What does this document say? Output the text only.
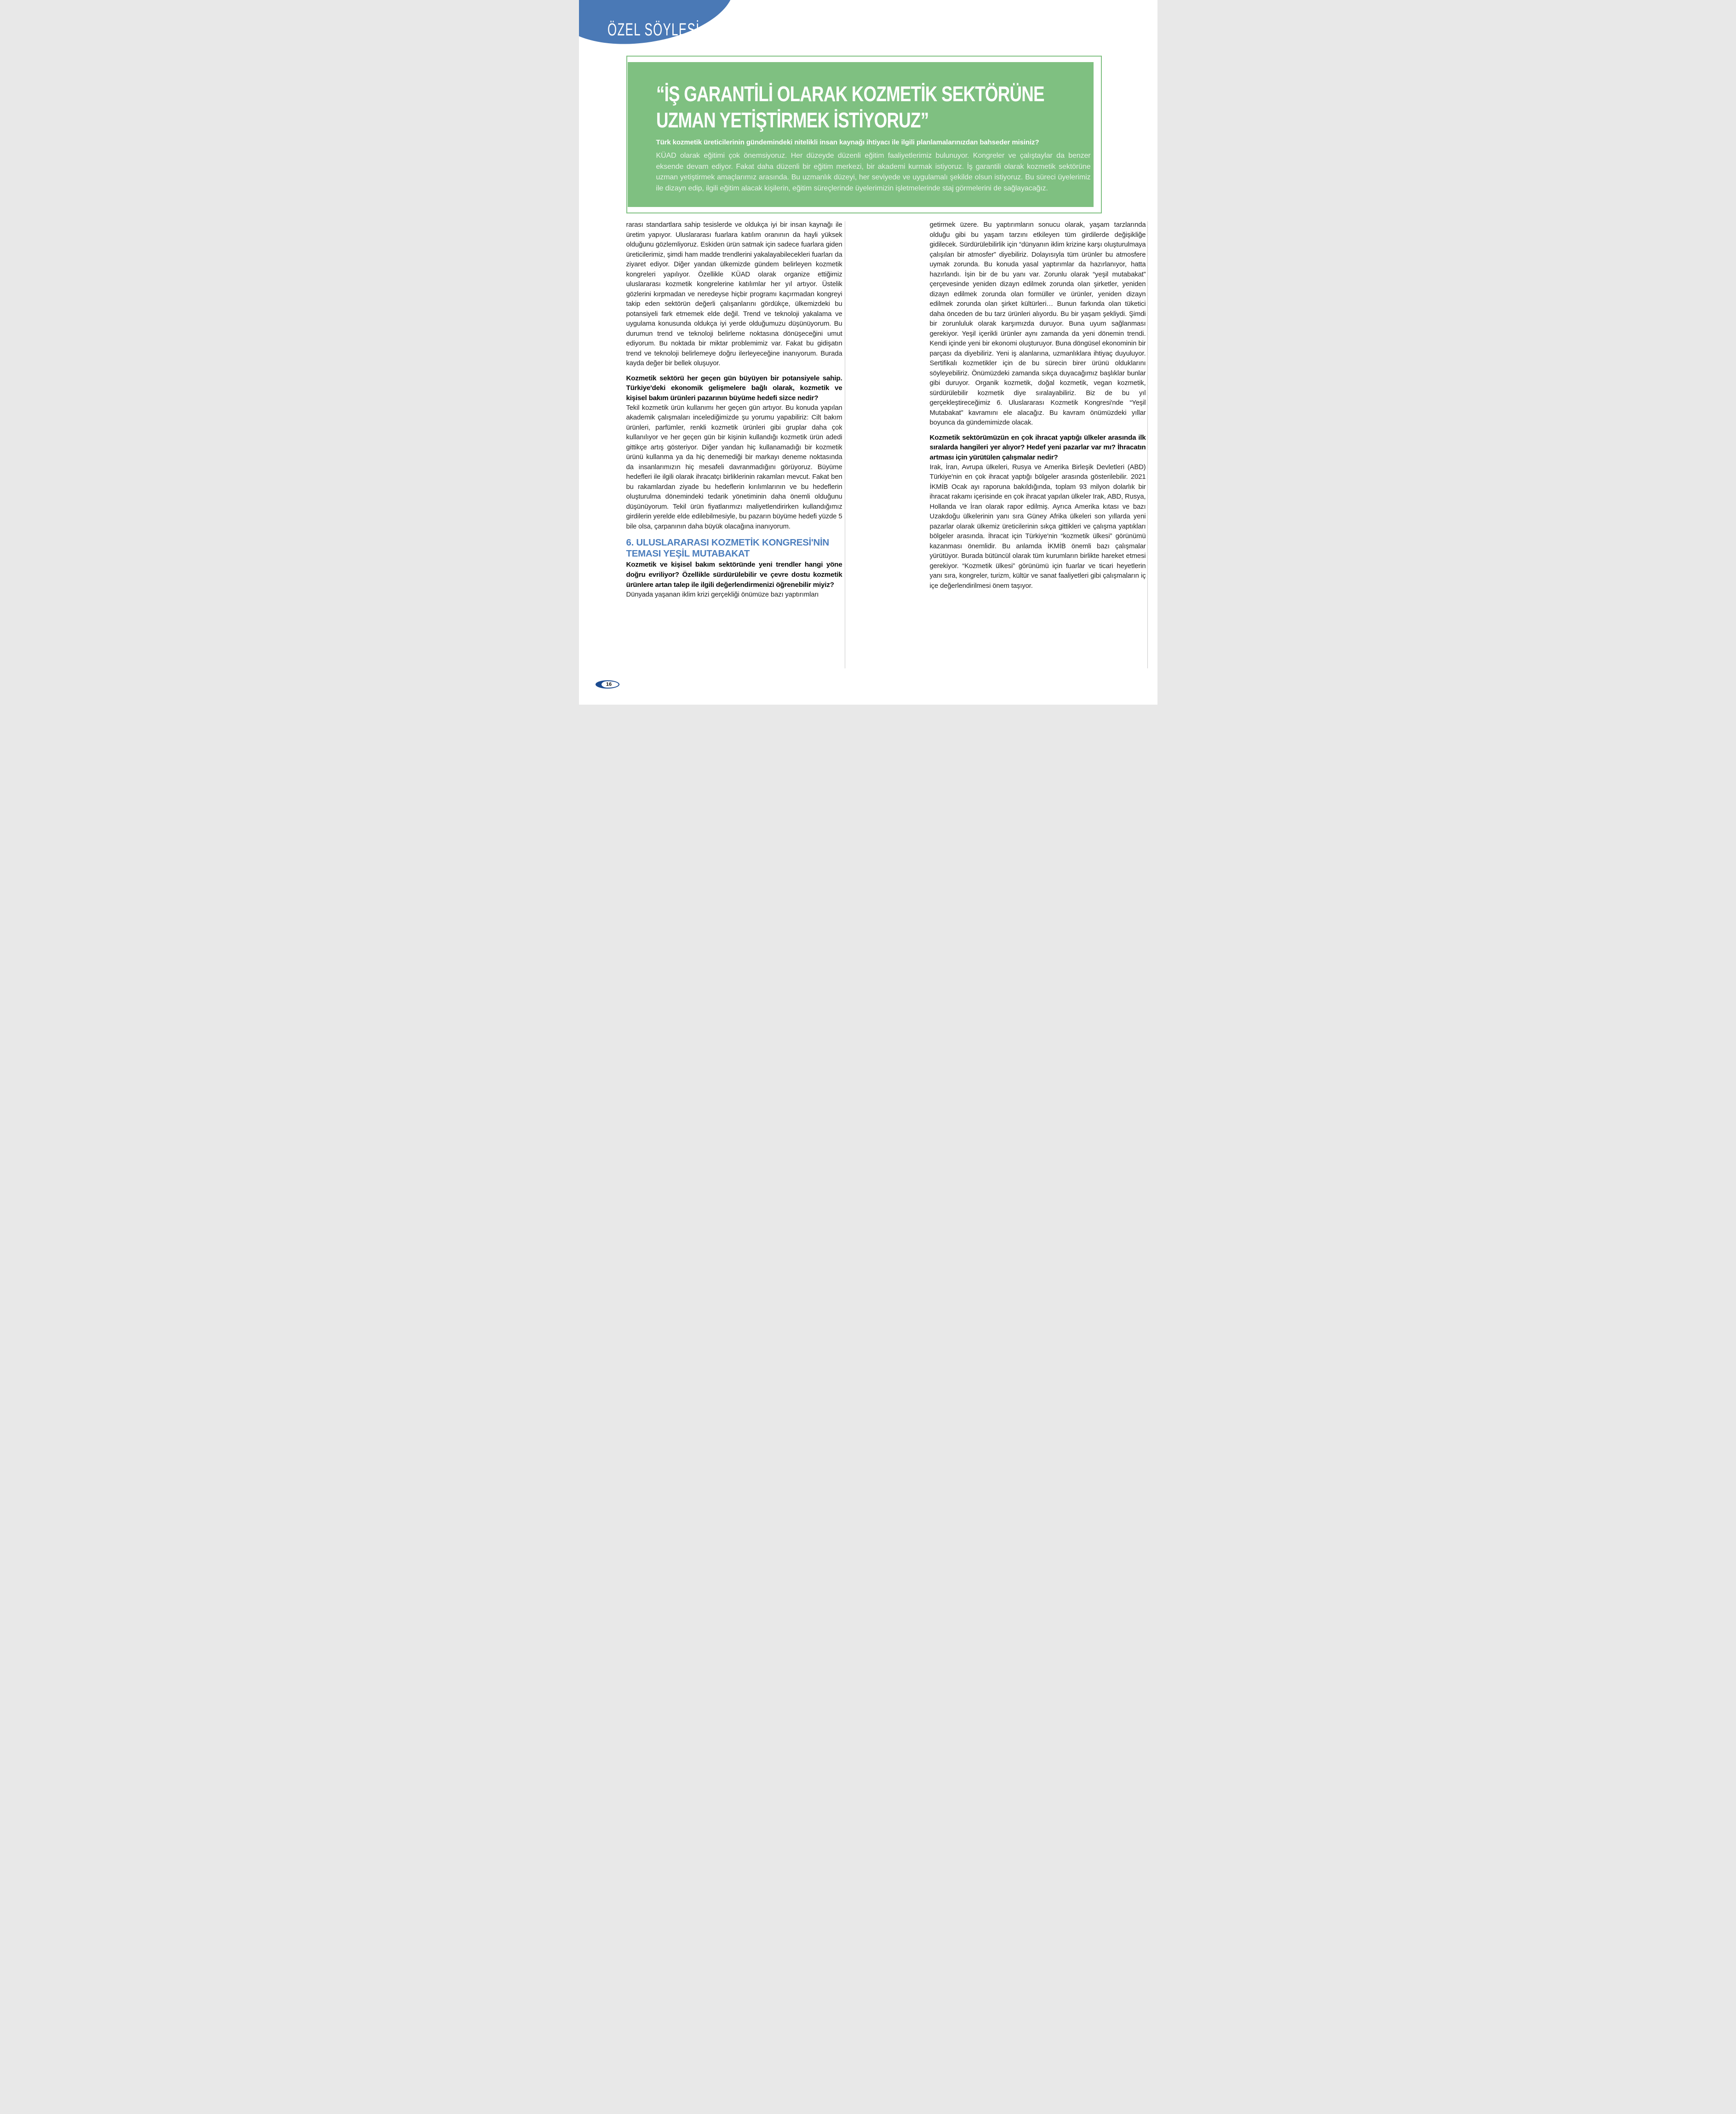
ÖZEL SÖYLEŞİ
“İŞ GARANTİLİ OLARAK KOZMETİK SEKTÖRÜNE
UZMAN YETİŞTİRMEK İSTİYORUZ”
Türk kozmetik üreticilerinin gündemindeki nitelikli insan kaynağı ihtiyacı ile ilgili planlamalarınızdan bahseder misiniz?
KÜAD olarak eğitimi çok önemsiyoruz. Her düzeyde düzenli eğitim faaliyetlerimiz bulunuyor. Kongreler ve çalıştaylar da benzer eksende devam ediyor. Fakat daha düzenli bir eğitim merkezi, bir akademi kurmak istiyoruz. İş garantili olarak kozmetik sektörüne uzman yetiştirmek amaçlarımız arasında. Bu uzmanlık düzeyi, her seviyede ve uygulamalı şekilde olsun istiyoruz. Bu süreci üyelerimiz ile dizayn edip, ilgili eğitim alacak kişilerin, eğitim süreçlerinde üyelerimizin işletmelerinde staj görmelerini de sağlayacağız.

rarası standartlara sahip tesislerde ve oldukça iyi bir insan kaynağı ile üretim yapıyor. Uluslararası fuarlara katılım oranının da hayli yüksek olduğunu gözlemliyoruz. Eskiden ürün satmak için sadece fuarlara giden üreticilerimiz, şimdi ham madde trendlerini yakalayabilecekleri fuarları da ziyaret ediyor. Diğer yandan ülkemizde gündem belirleyen kozmetik kongreleri yapılıyor. Özellikle KÜAD olarak organize ettiğimiz uluslararası kozmetik kongrelerine katılımlar her yıl artıyor. Üstelik gözlerini kırpmadan ve neredeyse hiçbir programı kaçırmadan kongreyi takip eden sektörün değerli çalışanlarını gördükçe, ülkemizdeki bu potansiyeli fark etmemek elde değil. Trend ve teknoloji yakalama ve uygulama konusunda oldukça iyi yerde olduğumuzu düşünüyorum. Bu durumun trend ve teknoloji belirleme noktasına dönüşeceğini umut ediyorum. Bu noktada bir miktar problemimiz var. Fakat bu gidişatın trend ve teknoloji belirlemeye doğru ilerleyeceğine inanıyorum. Burada kayda değer bir bellek oluşuyor.

Kozmetik sektörü her geçen gün büyüyen bir potansiyele sahip. Türkiye'deki ekonomik gelişmelere bağlı olarak, kozmetik ve kişisel bakım ürünleri pazarının büyüme hedefi sizce nedir?

Tekil kozmetik ürün kullanımı her geçen gün artıyor. Bu konuda yapılan akademik çalışmaları incelediğimizde şu yorumu yapabiliriz: Cilt bakım ürünleri, parfümler, renkli kozmetik ürünleri gibi gruplar daha çok kullanılıyor ve her geçen gün bir kişinin kullandığı kozmetik ürün adedi gittikçe artış gösteriyor. Diğer yandan hiç kullanamadığı bir kozmetik ürünü kullanma ya da hiç denemediği bir markayı deneme noktasında da insanlarımızın hiç mesafeli davranmadığını görüyoruz. Büyüme hedefleri ile ilgili olarak ihracatçı birliklerinin rakamları mevcut. Fakat ben bu rakamlardan ziyade bu hedeflerin kırılımlarının ve bu hedeflerin oluşturulma dönemindeki tedarik yönetiminin daha önemli olduğunu düşünüyorum. Tekil ürün fiyatlarımızı maliyetlendirirken kullandığımız girdilerin yerelde elde edilebilmesiyle, bu pazarın büyüme hedefi yüzde 5 bile olsa, çarpanının daha büyük olacağına inanıyorum.

6. ULUSLARARASI KOZMETİK KONGRESİ'NİN
TEMASI YEŞİL MUTABAKAT

Kozmetik ve kişisel bakım sektöründe yeni trendler hangi yöne doğru evriliyor? Özellikle sürdürülebilir ve çevre dostu kozmetik ürünlere artan talep ile ilgili değerlendirmenizi öğrenebilir miyiz?

Dünyada yaşanan iklim krizi gerçekliği önümüze bazı yaptırımları

getirmek üzere. Bu yaptırımların sonucu olarak, yaşam tarzlarında olduğu gibi bu yaşam tarzını etkileyen tüm girdilerde değişikliğe gidilecek. Sürdürülebilirlik için “dünyanın iklim krizine karşı oluşturulmaya çalışılan bir atmosfer” diyebiliriz. Dolayısıyla tüm ürünler bu atmosfere uymak zorunda. Bu konuda yasal yaptırımlar da hazırlanıyor, hatta hazırlandı. İşin bir de bu yanı var. Zorunlu olarak “yeşil mutabakat” çerçevesinde yeniden dizayn edilmek zorunda olan şirketler, yeniden dizayn edilmek zorunda olan formüller ve ürünler, yeniden dizayn edilmek zorunda olan şirket kültürleri… Bunun farkında olan tüketici daha önceden de bu tarz ürünleri alıyordu. Bu bir yaşam şekliydi. Şimdi bir zorunluluk olarak karşımızda duruyor. Buna uyum sağlanması gerekiyor. Yeşil içerikli ürünler aynı zamanda da yeni dönemin trendi. Kendi içinde yeni bir ekonomi oluşturuyor. Buna döngüsel ekonominin bir parçası da diyebiliriz. Yeni iş alanlarına, uzmanlıklara ihtiyaç duyuluyor. Sertifikalı kozmetikler için de bu sürecin birer ürünü olduklarını söyleyebiliriz. Önümüzdeki zamanda sıkça duyacağımız başlıklar bunlar gibi duruyor. Organik kozmetik, doğal kozmetik, vegan kozmetik, sürdürülebilir kozmetik diye sıralayabiliriz. Biz de bu yıl gerçekleştireceğimiz 6. Uluslararası Kozmetik Kongresi'nde “Yeşil Mutabakat” kavramını ele alacağız. Bu kavram önümüzdeki yıllar boyunca da gündemimizde olacak.

Kozmetik sektörümüzün en çok ihracat yaptığı ülkeler arasında ilk sıralarda hangileri yer alıyor? Hedef yeni pazarlar var mı? İhracatın artması için yürütülen çalışmalar nedir?

Irak, İran, Avrupa ülkeleri, Rusya ve Amerika Birleşik Devletleri (ABD) Türkiye'nin en çok ihracat yaptığı bölgeler arasında gösterilebilir. 2021 İKMİB Ocak ayı raporuna bakıldığında, toplam 93 milyon dolarlık bir ihracat rakamı içerisinde en çok ihracat yapılan ülkeler Irak, ABD, Rusya, Hollanda ve İran olarak rapor edilmiş. Ayrıca Amerika kıtası ve bazı Uzakdoğu ülkelerinin yanı sıra Güney Afrika ülkeleri son yıllarda yeni pazarlar olarak ülkemiz üreticilerinin sıkça gittikleri ve çalışma yaptıkları bölgeler arasında. İhracat için Türkiye'nin “kozmetik ülkesi” görünümü kazanması önemlidir. Bu anlamda İKMİB önemli bazı çalışmalar yürütüyor. Burada bütüncül olarak tüm kurumların birlikte hareket etmesi gerekiyor. “Kozmetik ülkesi” görünümü için fuarlar ve ticari heyetlerin yanı sıra, kongreler, turizm, kültür ve sanat faaliyetleri gibi çalışmaların iç içe değerlendirilmesi önem taşıyor.

16
